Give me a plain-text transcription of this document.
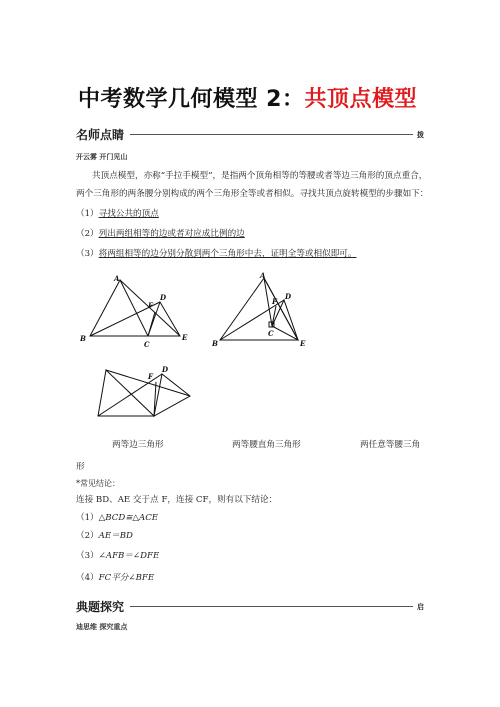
中考数学几何模型 2：共顶点模型
名师点睛	拨
开云雾 开门见山
共顶点模型，亦称“手拉手模型”，是指两个顶角相等的等腰或者等边三角形的顶点重合，
两个三角形的两条腰分别构成的两个三角形全等或者相似。寻找共顶点旋转模型的步骤如下：
（1）寻找公共的顶点
（2）列出两组相等的边或者对应成比例的边
（3）将两组相等的边分别分散到两个三角形中去，证明全等或相似即可。
A
B
C
D
E
F
A
B
C
D
E
F
F
D
两等边三角形	两等腰直角三角形	两任意等腰三角
形
*常见结论：
连接 BD、AE 交于点 F，连接 CF，则有以下结论：
（1）△BCD≅△ACE
（2）AE＝BD
（3）∠AFB＝∠DFE
（4）FC平分∠BFE
典题探究	启
迪思维 探究重点
